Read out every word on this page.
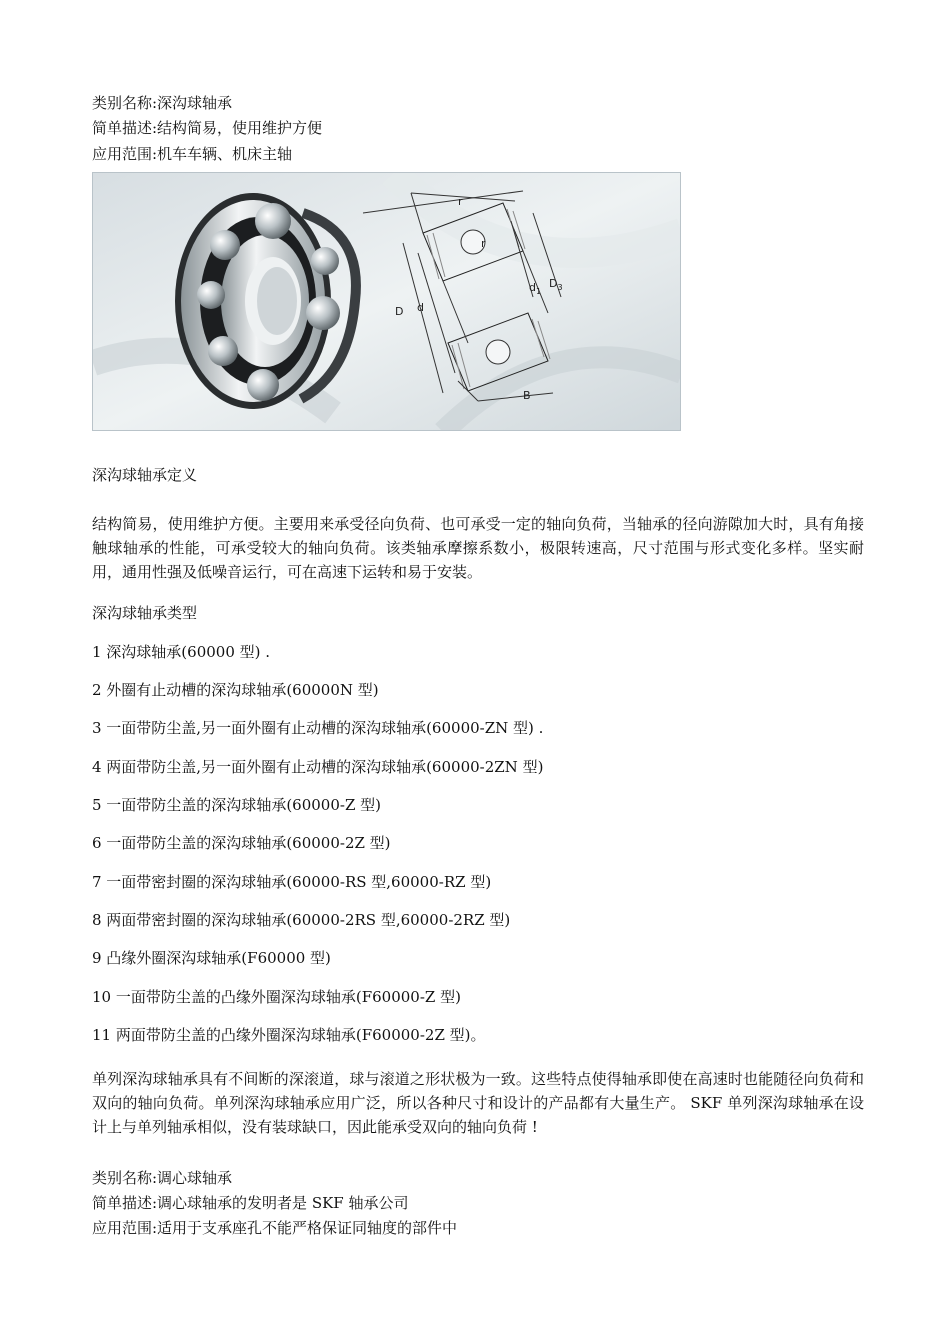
类别名称:深沟球轴承
简单描述:结构简易，使用维护方便
应用范围:机车车辆、机床主轴
D d
$d_1$
$D_3$
B
r
r
深沟球轴承定义
结构简易，使用维护方便。主要用来承受径向负荷、也可承受一定的轴向负荷，当轴承的径向游隙加大时，具有角接触球轴承的性能，可承受较大的轴向负荷。该类轴承摩擦系数小，极限转速高，尺寸范围与形式变化多样。坚实耐用，通用性强及低噪音运行，可在高速下运转和易于安装。
深沟球轴承类型
1 深沟球轴承(60000 型) .
2 外圈有止动槽的深沟球轴承(60000N 型)
3 一面带防尘盖,另一面外圈有止动槽的深沟球轴承(60000-ZN 型) .
4 两面带防尘盖,另一面外圈有止动槽的深沟球轴承(60000-2ZN 型)
5 一面带防尘盖的深沟球轴承(60000-Z 型)
6 一面带防尘盖的深沟球轴承(60000-2Z 型)
7 一面带密封圈的深沟球轴承(60000-RS 型,60000-RZ 型)
8 两面带密封圈的深沟球轴承(60000-2RS 型,60000-2RZ 型)
9 凸缘外圈深沟球轴承(F60000 型)
10 一面带防尘盖的凸缘外圈深沟球轴承(F60000-Z 型)
11 两面带防尘盖的凸缘外圈深沟球轴承(F60000-2Z 型)。
单列深沟球轴承具有不间断的深滚道，球与滚道之形状极为一致。这些特点使得轴承即使在高速时也能随径向负荷和双向的轴向负荷。单列深沟球轴承应用广泛，所以各种尺寸和设计的产品都有大量生产。 SKF 单列深沟球轴承在设计上与单列轴承相似，没有装球缺口，因此能承受双向的轴向负荷 !
类别名称:调心球轴承
简单描述:调心球轴承的发明者是 SKF 轴承公司
应用范围:适用于支承座孔不能严格保证同轴度的部件中
